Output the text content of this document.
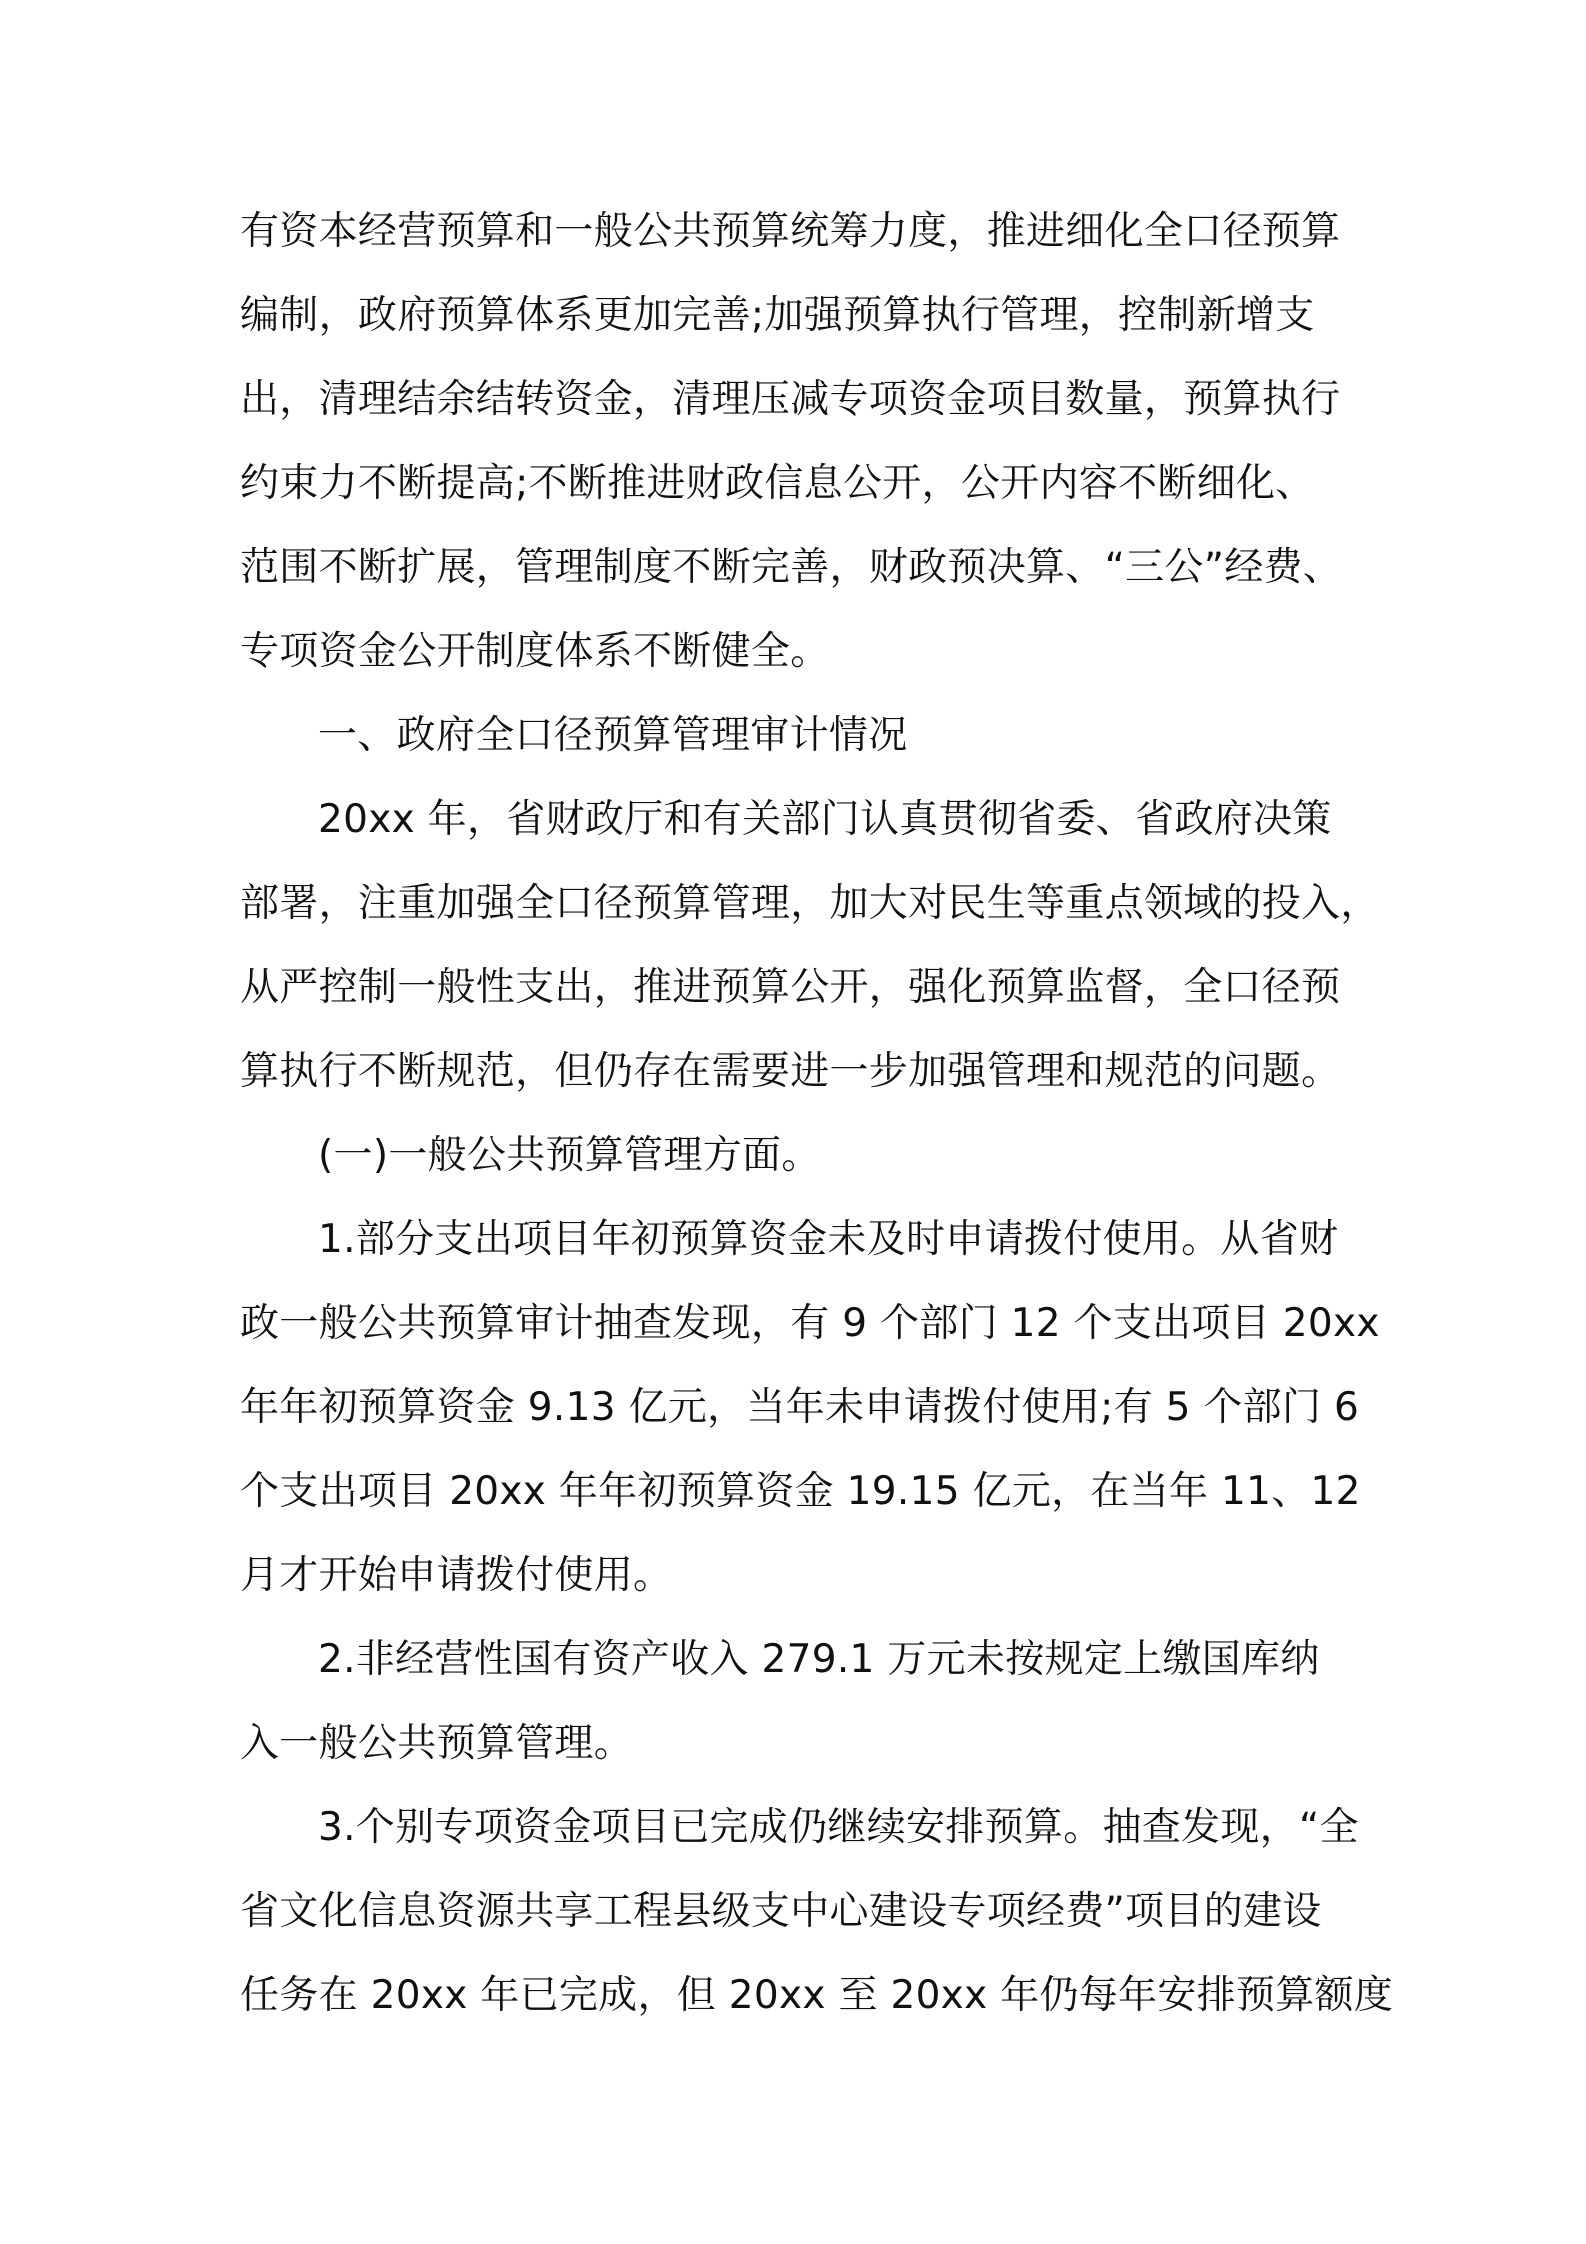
有资本经营预算和一般公共预算统筹力度，推进细化全口径预算
编制，政府预算体系更加完善;加强预算执行管理，控制新增支
出，清理结余结转资金，清理压减专项资金项目数量，预算执行
约束力不断提高;不断推进财政信息公开，公开内容不断细化、
范围不断扩展，管理制度不断完善，财政预决算、“三公”经费、
专项资金公开制度体系不断健全。
一、政府全口径预算管理审计情况
20xx 年，省财政厅和有关部门认真贯彻省委、省政府决策
部署，注重加强全口径预算管理，加大对民生等重点领域的投入，
从严控制一般性支出，推进预算公开，强化预算监督，全口径预
算执行不断规范，但仍存在需要进一步加强管理和规范的问题。
(一)一般公共预算管理方面。
1.部分支出项目年初预算资金未及时申请拨付使用。从省财
政一般公共预算审计抽查发现，有 9 个部门 12 个支出项目 20xx
年年初预算资金 9.13 亿元，当年未申请拨付使用;有 5 个部门 6
个支出项目 20xx 年年初预算资金 19.15 亿元，在当年 11、12
月才开始申请拨付使用。
2.非经营性国有资产收入 279.1 万元未按规定上缴国库纳
入一般公共预算管理。
3.个别专项资金项目已完成仍继续安排预算。抽查发现，“全
省文化信息资源共享工程县级支中心建设专项经费”项目的建设
任务在 20xx 年已完成，但 20xx 至 20xx 年仍每年安排预算额度
